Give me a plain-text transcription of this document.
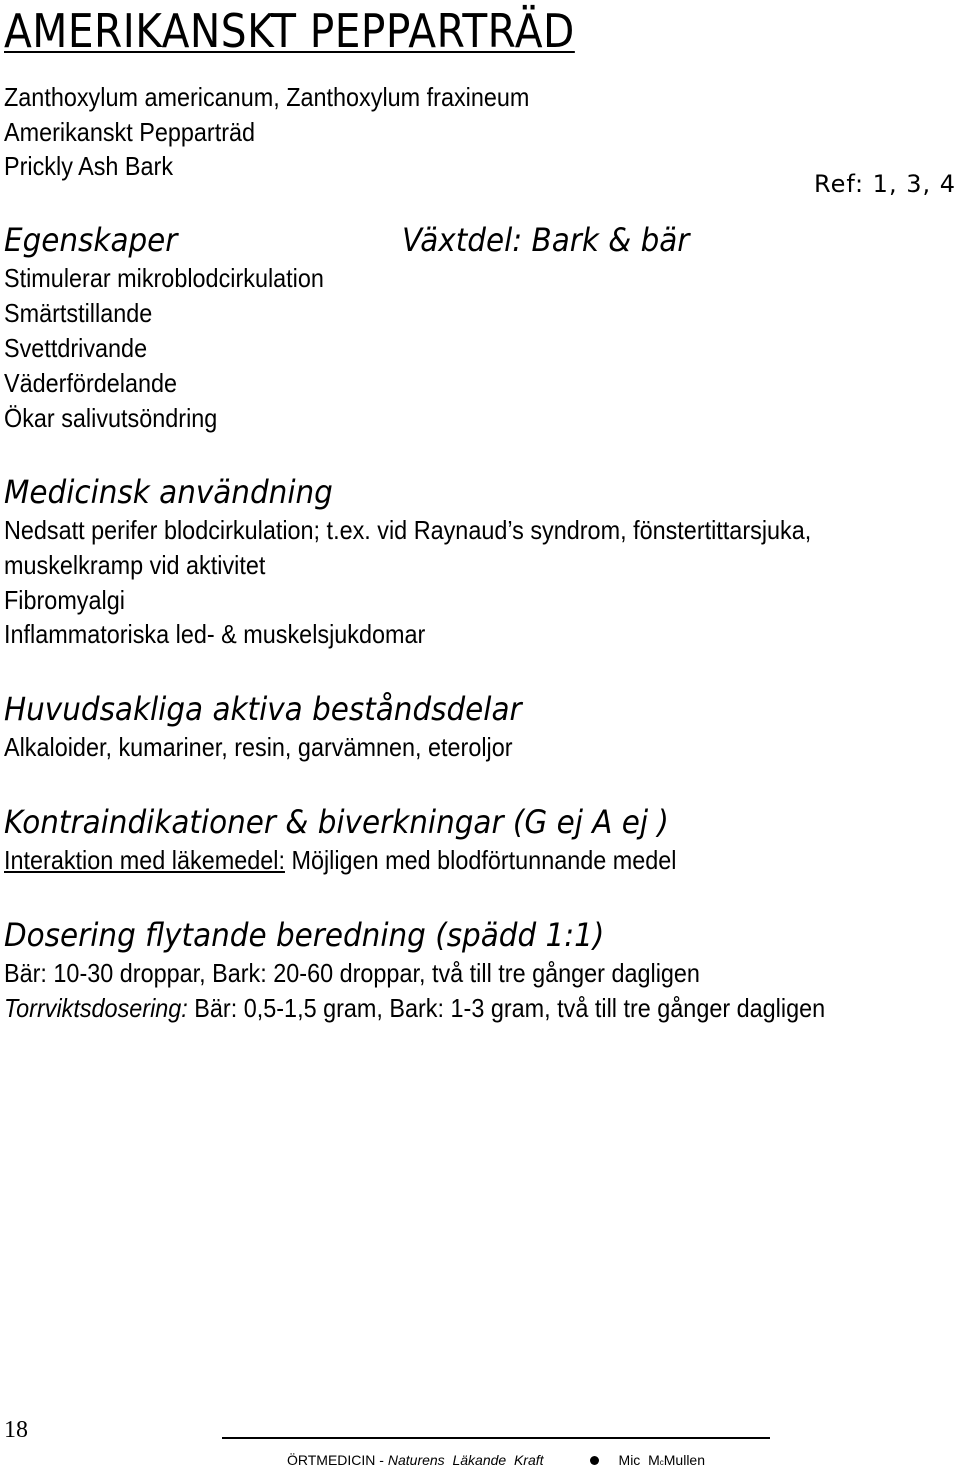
AMERIKANSKT PEPPARTRÄD
Zanthoxylum americanum, Zanthoxylum fraxineum
Amerikanskt Pepparträd
Prickly Ash Bark
Ref: 1, 3, 4
Egenskaper	Växtdel: Bark & bär
Stimulerar mikroblodcirkulation
Smärtstillande
Svettdrivande
Väderfördelande
Ökar salivutsöndring
Medicinsk användning
Nedsatt perifer blodcirkulation; t.ex. vid Raynaud’s syndrom, fönstertittarsjuka,
muskelkramp vid aktivitet
Fibromyalgi
Inflammatoriska led- & muskelsjukdomar
Huvudsakliga aktiva beståndsdelar
Alkaloider, kumariner, resin, garvämnen, eteroljor
Kontraindikationer & biverkningar (G ej A ej )
Interaktion med läkemedel: Möjligen med blodförtunnande medel
Dosering flytande beredning (spädd 1:1)
Bär: 10-30 droppar, Bark: 20-60 droppar, två till tre gånger dagligen
Torrviktsdosering: Bär: 0,5-1,5 gram, Bark: 1-3 gram, två till tre gånger dagligen
18
ÖRTMEDICIN - Naturens  Läkande  Kraft	Mic McMullen
